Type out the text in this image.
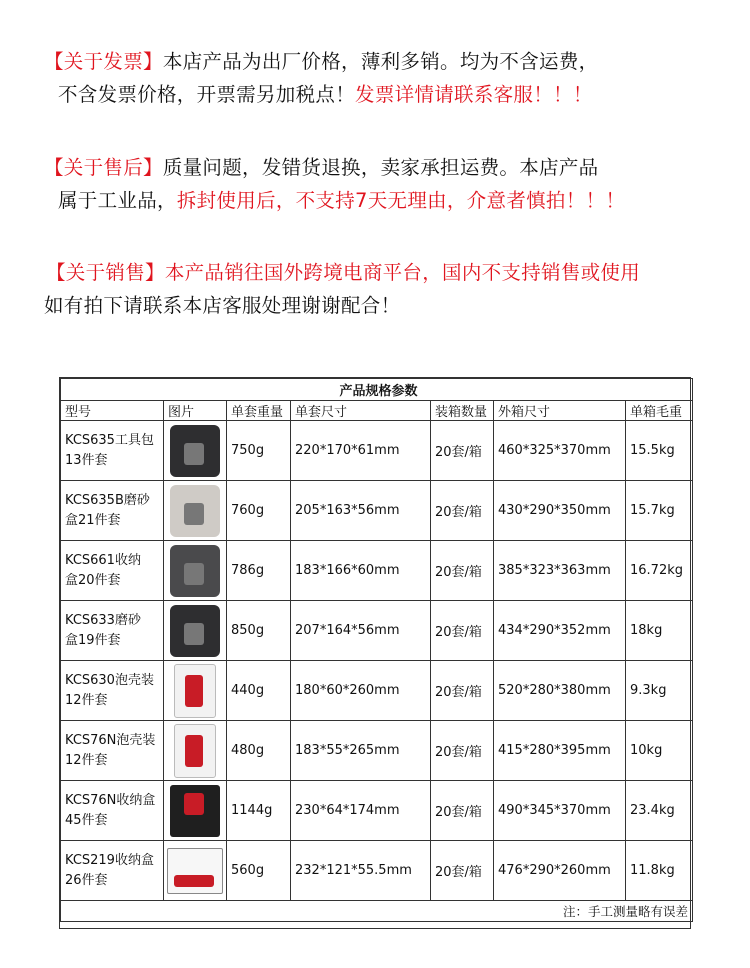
【关于发票】本店产品为出厂价格，薄利多销。均为不含运费，
不含发票价格，开票需另加税点！发票详情请联系客服！！！
【关于售后】质量问题，发错货退换，卖家承担运费。本店产品
属于工业品，拆封使用后，不支持7天无理由，介意者慎拍！！！
【关于销售】本产品销往国外跨境电商平台，国内不支持销售或使用
如有拍下请联系本店客服处理谢谢配合！
产品规格参数						
型号	图片	单套重量	单套尺寸	装箱数量	外箱尺寸	单箱毛重

KCS635工具包
13件套		750g	220*170*61mm	20套/箱	460*325*370mm	15.5kg

KCS635B磨砂
盒21件套		760g	205*163*56mm	20套/箱	430*290*350mm	15.7kg

KCS661收纳
盒20件套		786g	183*166*60mm	20套/箱	385*323*363mm	16.72kg

KCS633磨砂
盒19件套		850g	207*164*56mm	20套/箱	434*290*352mm	18kg

KCS630泡壳装
12件套		440g	180*60*260mm	20套/箱	520*280*380mm	9.3kg

KCS76N泡壳装
12件套		480g	183*55*265mm	20套/箱	415*280*395mm	10kg

KCS76N收纳盒
45件套		1144g	230*64*174mm	20套/箱	490*345*370mm	23.4kg

KCS219收纳盒
26件套		560g	232*121*55.5mm	20套/箱	476*290*260mm	11.8kg
注：手工测量略有误差						
